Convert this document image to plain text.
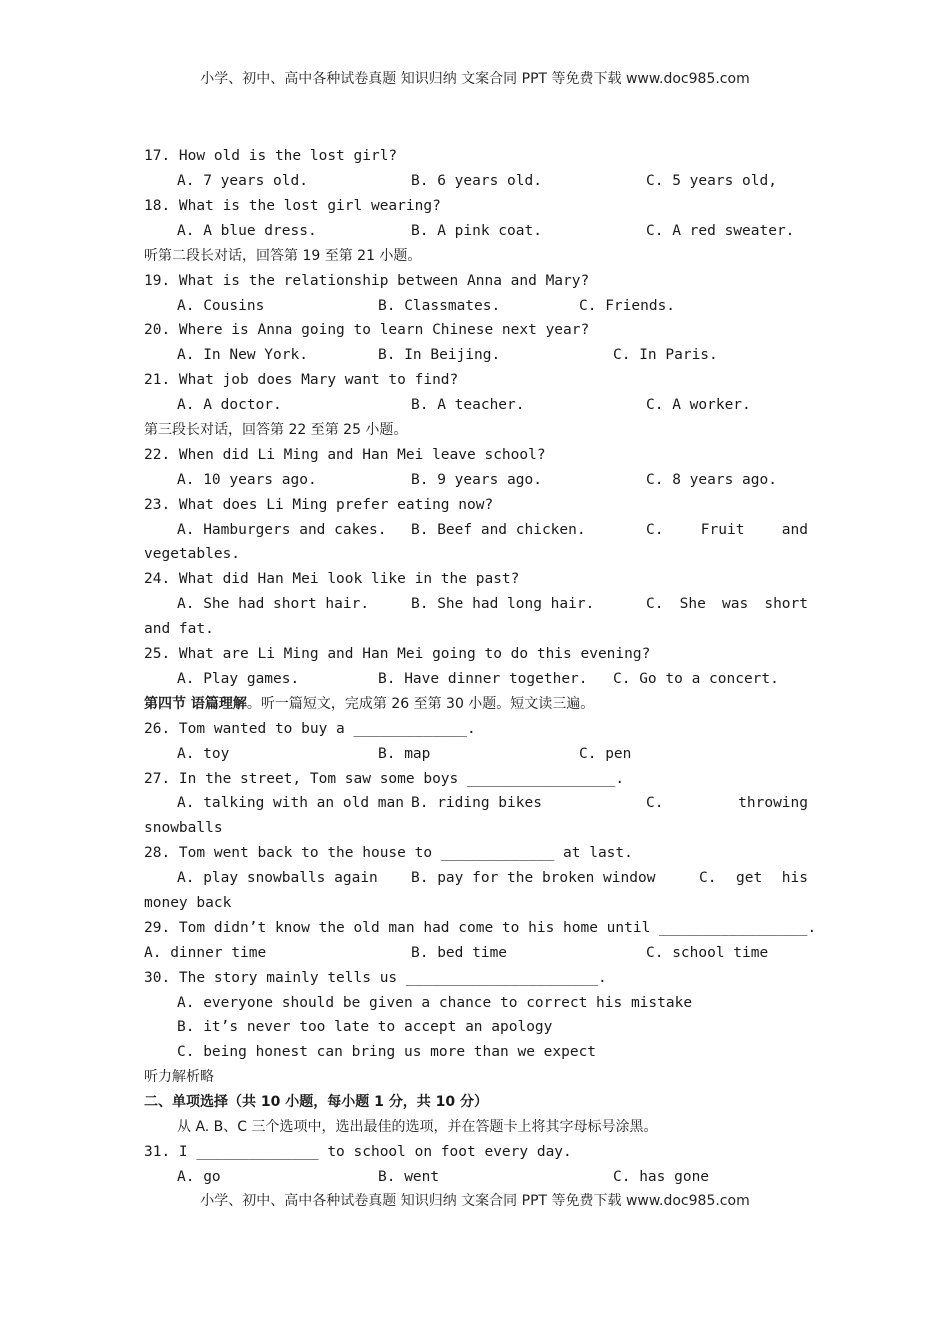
小学、初中、高中各种试卷真题 知识归纳 文案合同 PPT 等免费下载 www.doc985.com
17. How old is the lost girl?

A. 7 years old.

	B. 6 years old.

	C. 5 years old,

18. What is the lost girl wearing?

A. A blue dress.

	B. A pink coat.

	C. A red sweater.

听第二段长对话，回答第 19 至第 21 小题。
19. What is the relationship between Anna and Mary?

A. Cousins

	B. Classmates.

	C. Friends.

20. Where is Anna going to learn Chinese next year?

A. In New York.

	B. In Beijing.

	C. In Paris.

21. What job does Mary want to find?

A. A doctor.

	B. A teacher.

	C. A worker.

第三段长对话，回答第 22 至第 25 小题。
22. When did Li Ming and Han Mei leave school?

A. 10 years ago.

	B. 9 years ago.

	C. 8 years ago.

23. What does Li Ming prefer eating now?

A. Hamburgers and cakes.

B. Beef and chicken.

	C.	Fruit	and

vegetables.
24. What did Han Mei look like in the past?

A. She had short hair.

	B. She had long hair.

	C. She was short

and fat.
25. What are Li Ming and Han Mei going to do this evening?

A. Play games.

	B. Have dinner together.

C. Go to a concert.

第四节 语篇理解。听一篇短文，完成第 26 至第 30 小题。短文读三遍。
26. Tom wanted to buy a _____________.

A. toy

	B. map

	C. pen

27. In the street, Tom saw some boys _________________.

A. talking with an old man

B. riding bikes

	C.	throwing

snowballs
28. Tom went back to the house to _____________ at last.

A. play snowballs again

B. pay for the broken window

	C. get his

money back
29. Tom didn’t know the old man had come to his home until _________________.

A. dinner time

	B. bed time

	C. school time

30. The story mainly tells us ______________________.
A. everyone should be given a chance to correct his mistake
B. it’s never too late to accept an apology
C. being honest can bring us more than we expect
听力解析略
二、单项选择（共 10 小题，每小题 1 分，共 10 分）
从 A. B、C 三个选项中，选出最佳的选项，并在答题卡上将其字母标号涂黑。
31. I ______________ to school on foot every day.

A. go

	B. went

	C. has gone

小学、初中、高中各种试卷真题 知识归纳 文案合同 PPT 等免费下载 www.doc985.com
